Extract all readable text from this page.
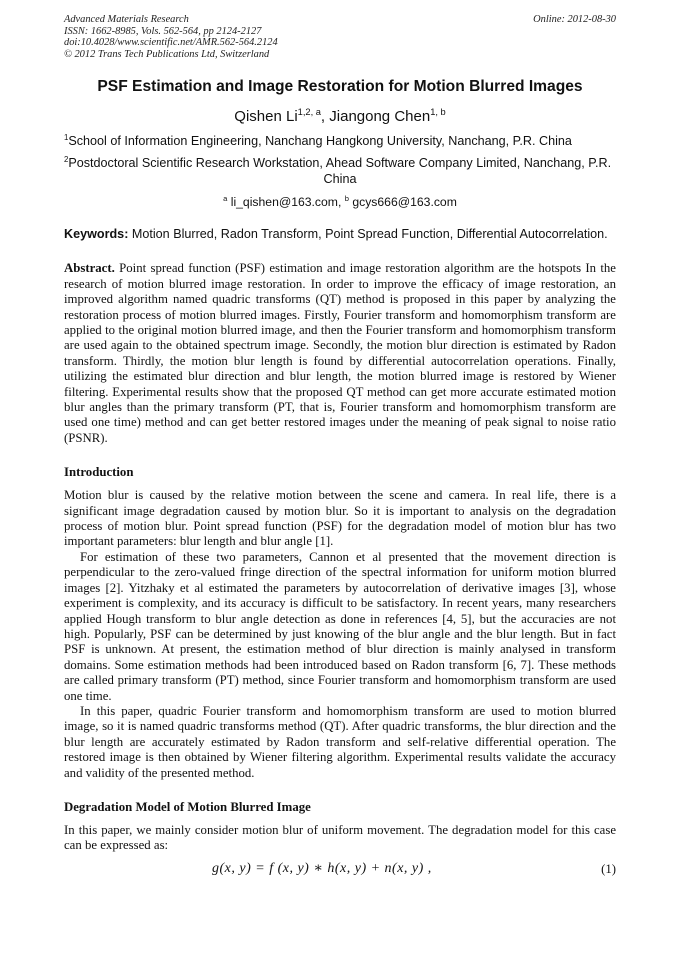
Advanced Materials Research
ISSN: 1662-8985, Vols. 562-564, pp 2124-2127
doi:10.4028/www.scientific.net/AMR.562-564.2124
© 2012 Trans Tech Publications Ltd, Switzerland
Online: 2012-08-30
PSF Estimation and Image Restoration for Motion Blurred Images
Qishen Li$^{1,2, a}$, Jiangong Chen$^{1, b}$
$^1$School of Information Engineering, Nanchang Hangkong University, Nanchang, P.R. China
$^2$Postdoctoral Scientific Research Workstation, Ahead Software Company Limited, Nanchang, P.R.
China
$^a$ li_qishen@163.com, $^b$ gcys666@163.com
Keywords: Motion Blurred, Radon Transform, Point Spread Function, Differential Autocorrelation.

Abstract. Point spread function (PSF) estimation and image restoration algorithm are the hotspots In the research of motion blurred image restoration. In order to improve the efficacy of image restoration, an improved algorithm named quadric transforms (QT) method is proposed in this paper by analyzing the restoration process of motion blurred images. Firstly, Fourier transform and homomorphism transform are applied to the original motion blurred image, and then the Fourier transform and homomorphism transform are used again to the obtained spectrum image. Secondly, the motion blur direction is estimated by Radon transform. Thirdly, the motion blur length is found by differential autocorrelation operations. Finally, utilizing the estimated blur direction and blur length, the motion blurred image is restored by Wiener filtering. Experimental results show that the proposed QT method can get more accurate estimated motion blur angles than the primary transform (PT, that is, Fourier transform and homomorphism transform are used one time) method and can get better restored images under the meaning of peak signal to noise ratio (PSNR).

Introduction

Motion blur is caused by the relative motion between the scene and camera. In real life, there is a significant image degradation caused by motion blur. So it is important to analysis on the degradation process of motion blur. Point spread function (PSF) for the degradation model of motion blur has two important parameters: blur length and blur angle [1].

For estimation of these two parameters, Cannon et al presented that the movement direction is perpendicular to the zero-valued fringe direction of the spectral information for uniform motion blurred images [2]. Yitzhaky et al estimated the parameters by autocorrelation of derivative images [3], whose experiment is complexity, and its accuracy is difficult to be satisfactory. In recent years, many researchers applied Hough transform to blur angle detection as done in references [4, 5], but the accuracies are not high. Popularly, PSF can be determined by just knowing of the blur angle and the blur length. But in fact PSF is unknown. At present, the estimation method of blur direction is mainly analysed in transform domains. Some estimation methods had been introduced based on Radon transform [6, 7]. These methods are called primary transform (PT) method, since Fourier transform and homomorphism transform are used one time.

In this paper, quadric Fourier transform and homomorphism transform are used to motion blurred image, so it is named quadric transforms method (QT). After quadric transforms, the blur direction and the blur length are accurately estimated by Radon transform and self-relative differential operation. The restored image is then obtained by Wiener filtering algorithm. Experimental results validate the accuracy and validity of the presented method.

Degradation Model of Motion Blurred Image

In this paper, we mainly consider motion blur of uniform movement. The degradation model for this case can be expressed as:

g(x, y) = f (x, y) ∗ h(x, y) + n(x, y) ,	(1)
